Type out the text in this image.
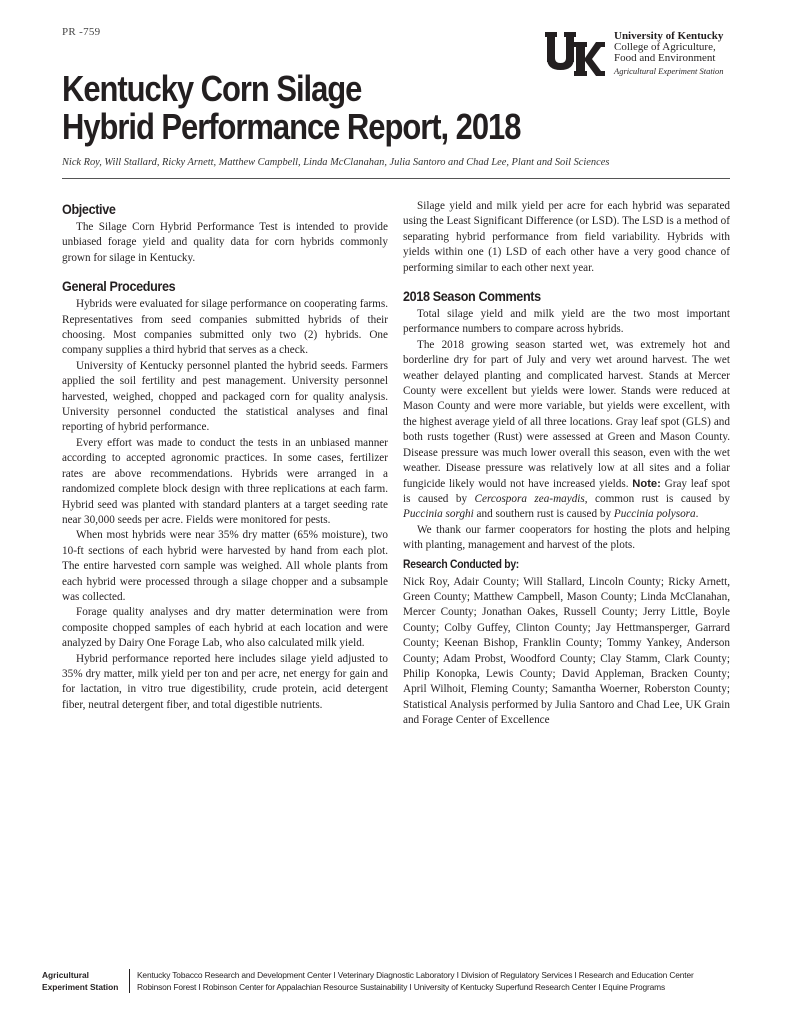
PR -759	University of Kentucky
College of Agriculture,
Food and Environment
Agricultural Experiment Station
Kentucky Corn Silage
Hybrid Performance Report, 2018
Nick Roy, Will Stallard, Ricky Arnett, Matthew Campbell, Linda McClanahan, Julia Santoro and Chad Lee, Plant and Soil Sciences
Objective

The Silage Corn Hybrid Performance Test is intended to provide unbiased forage yield and quality data for corn hybrids commonly grown for silage in Kentucky.

General Procedures

Hybrids were evaluated for silage performance on cooperating farms. Representatives from seed companies submitted hybrids of their choosing. Most companies submitted only two (2) hybrids. One company supplies a third hybrid that serves as a check.

University of Kentucky personnel planted the hybrid seeds. Farmers applied the soil fertility and pest management. University personnel harvested, weighed, chopped and packaged corn for quality analysis. University personnel conducted the statistical analyses and final reporting of hybrid performance.

Every effort was made to conduct the tests in an unbiased manner according to accepted agronomic practices. In some cases, fertilizer rates are above recommendations. Hybrids were arranged in a randomized complete block design with three replications at each farm. Hybrid seed was planted with standard planters at a target seeding rate near 30,000 seeds per acre. Fields were monitored for pests.

When most hybrids were near 35% dry matter (65% moisture), two 10-ft sections of each hybrid were harvested by hand from each plot. The entire harvested corn sample was weighed. All whole plants from each hybrid were processed through a silage chopper and a subsample was collected.

Forage quality analyses and dry matter determination were from composite chopped samples of each hybrid at each location and were analyzed by Dairy One Forage Lab, who also calculated milk yield.

Hybrid performance reported here includes silage yield adjusted to 35% dry matter, milk yield per ton and per acre, net energy for gain and for lactation, in vitro true digestibility, crude protein, acid detergent fiber, neutral detergent fiber, and total digestible nutrients.

Silage yield and milk yield per acre for each hybrid was separated using the Least Significant Difference (or LSD). The LSD is a method of separating hybrid performance from field variability. Hybrids with yields within one (1) LSD of each other have a very good chance of performing similar to each other next year.

2018 Season Comments

Total silage yield and milk yield are the two most important performance numbers to compare across hybrids.

The 2018 growing season started wet, was extremely hot and borderline dry for part of July and very wet around harvest. The wet weather delayed planting and complicated harvest. Stands at Mercer County were excellent but yields were lower. Stands were reduced at Mason County and were more variable, but yields were excellent, with the highest average yield of all three locations. Gray leaf spot (GLS) and both rusts together (Rust) were assessed at Green and Mason County. Disease pressure was much lower overall this season, even with the wet weather. Disease pressure was relatively low at all sites and a foliar fungicide likely would not have increased yields. Note: Gray leaf spot is caused by Cercospora zea-maydis, common rust is caused by Puccinia sorghi and southern rust is caused by Puccinia polysora.

We thank our farmer cooperators for hosting the plots and helping with planting, management and harvest of the plots.

Research Conducted by:

Nick Roy, Adair County; Will Stallard, Lincoln County; Ricky Arnett, Green County; Matthew Campbell, Mason County; Linda McClanahan, Mercer County; Jonathan Oakes, Russell County; Jerry Little, Boyle County; Colby Guffey, Clinton County; Jay Hettmansperger, Garrard County; Keenan Bishop, Franklin County; Tommy Yankey, Anderson County; Adam Probst, Woodford County; Clay Stamm, Clark County; Philip Konopka, Lewis County; David Appleman, Bracken County; April Wilhoit, Fleming County; Samantha Woerner, Roberston County; Statistical Analysis performed by Julia Santoro and Chad Lee, UK Grain and Forage Center of Excellence

Agricultural
Experiment Station
Kentucky Tobacco Research and Development Center I Veterinary Diagnostic Laboratory I Division of Regulatory Services I Research and Education Center
Robinson Forest I Robinson Center for Appalachian Resource Sustainability I University of Kentucky Superfund Research Center I Equine Programs
